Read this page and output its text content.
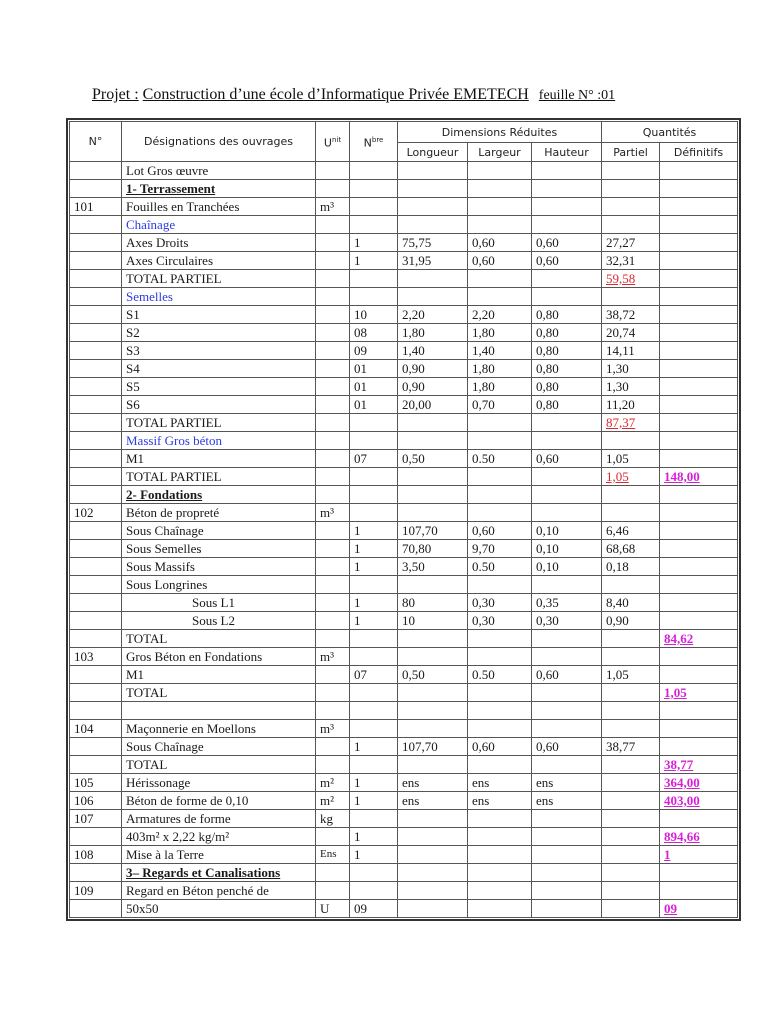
Projet : Construction d’une école d’Informatique Privée EMETECH feuille N° :01
N°	Désignations des ouvrages	$U^{nit}$	$N^{bre}$	Dimensions Réduites			Quantités	
				Longueur	Largeur	Hauteur	Partiel	Définitifs
	Lot Gros œuvre							
	1- Terrassement							
101	Fouilles en Tranchées	m³						
	Chaînage							
	Axes Droits		1	75,75	0,60	0,60	27,27	
	Axes Circulaires		1	31,95	0,60	0,60	32,31	
	TOTAL PARTIEL						59,58	
	Semelles							
	S1		10	2,20	2,20	0,80	38,72	
	S2		08	1,80	1,80	0,80	20,74	
	S3		09	1,40	1,40	0,80	14,11	
	S4		01	0,90	1,80	0,80	1,30	
	S5		01	0,90	1,80	0,80	1,30	
	S6		01	20,00	0,70	0,80	11,20	
	TOTAL PARTIEL						87,37	
	Massif Gros béton							
	M1		07	0,50	0.50	0,60	1,05	
	TOTAL PARTIEL						1,05	148,00
	2- Fondations							
102	Béton de propreté	m³						
	Sous Chaînage		1	107,70	0,60	0,10	6,46	
	Sous Semelles		1	70,80	9,70	0,10	68,68	
	Sous Massifs		1	3,50	0.50	0,10	0,18	
	Sous Longrines							
	Sous L1		1	80	0,30	0,35	8,40	
	Sous L2		1	10	0,30	0,30	0,90	
	TOTAL							84,62
103	Gros Béton en Fondations	m³						
	M1		07	0,50	0.50	0,60	1,05	
	TOTAL							1,05

104	Maçonnerie en Moellons	m³						
	Sous Chaînage		1	107,70	0,60	0,60	38,77	
	TOTAL							38,77
105	Hérissonage	m²	1	ens	ens	ens		364,00
106	Béton de forme de 0,10	m²	1	ens	ens	ens		403,00
107	Armatures de forme	kg						
	403m² x 2,22 kg/m²		1					894,66
108	Mise à la Terre	Ens	1					1
	3– Regards et Canalisations							
109	Regard en Béton penché de							
	50x50	U	09					09
